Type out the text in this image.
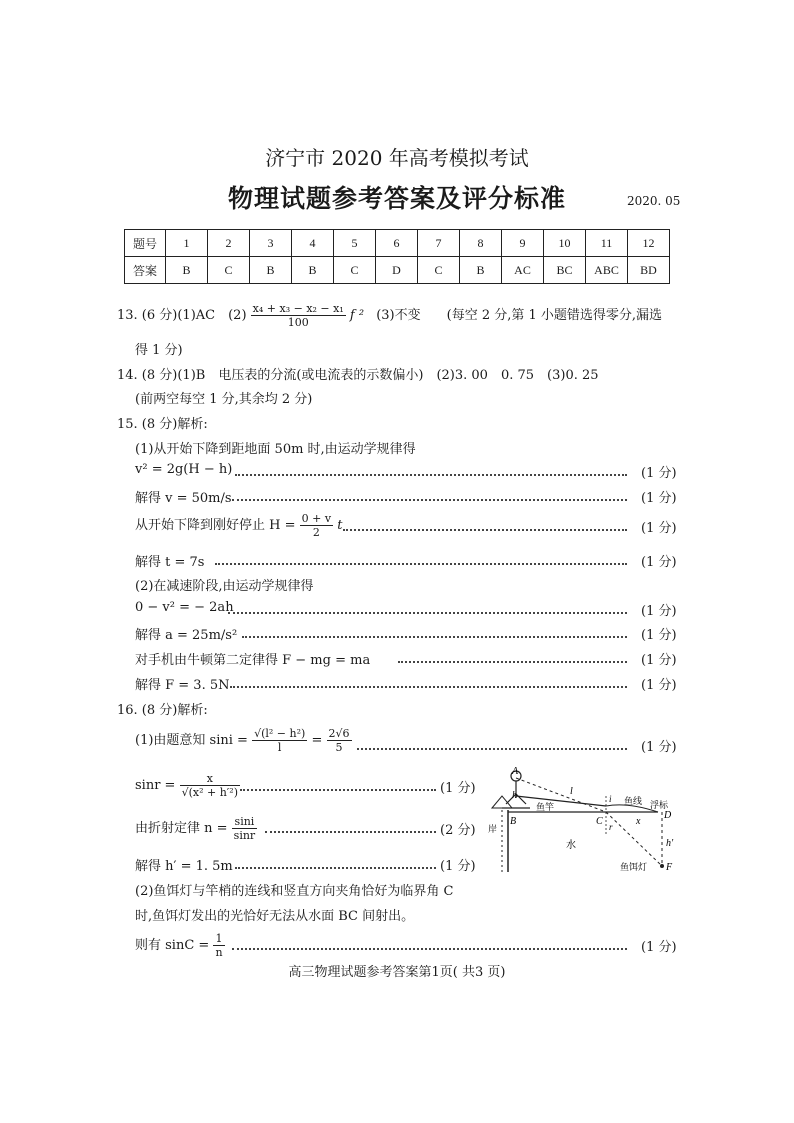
济宁市 2020 年高考模拟考试
物理试题参考答案及评分标准	2020. 05
题号	1	2	3	4	5	6	7	8	9	10	11	12
答案	B	C	B	B	C	D	C	B	AC	BC	ABC	BD
13. (6 分)(1)AC　$(2) \frac{\text{x₄ + x₃ − x₂ − x₁}}{100}$ f ² (3)不变　　(每空 2 分,第 1 小题错选得零分,漏选
得 1 分)
14. (8 分)(1)B　电压表的分流(或电流表的示数偏小)　(2)3. 00　0. 75　(3)0. 25
(前两空每空 1 分,其余均 2 分)
15. (8 分)解析:
(1)从开始下降到距地面 50m 时,由运动学规律得
v² = 2g(H − h)	(1 分)
解得 v = 50m/s	(1 分)
从开始下降到刚好停止 $H = \frac{0 + v}{2}$ t	(1 分)
解得 t = 7s	(1 分)
(2)在减速阶段,由运动学规律得
0 − v² = − 2ah	(1 分)
解得 a = 25m/s²	(1 分)
对手机由牛顿第二定律得 F − mg = ma	(1 分)
解得 F = 3. 5N	(1 分)
16. (8 分)解析:
(1)由题意知 $\sin i = \frac{\text{√(l² − h²)}}{l} = \frac{2√6}{5}$	(1 分)
$\sin r = \frac{x}{\text{√(x² + h′²)}}$	(1 分)
由折射定律 $n = \frac{\sin i}{\sin r}$	(2 分)
解得 h′ = 1. 5m	(1 分)
(2)鱼饵灯与竿梢的连线和竖直方向夹角恰好为临界角 C
时,鱼饵灯发出的光恰好无法从水面 BC 间射出。
则有 $\sin C = \frac{1}{n}$	(1 分)
A
h
鱼竿
l
i 鱼线 浮标
D
B	C r x
岸
水	h′
鱼饵灯 F
高三物理试题参考答案第1页( 共3 页)
